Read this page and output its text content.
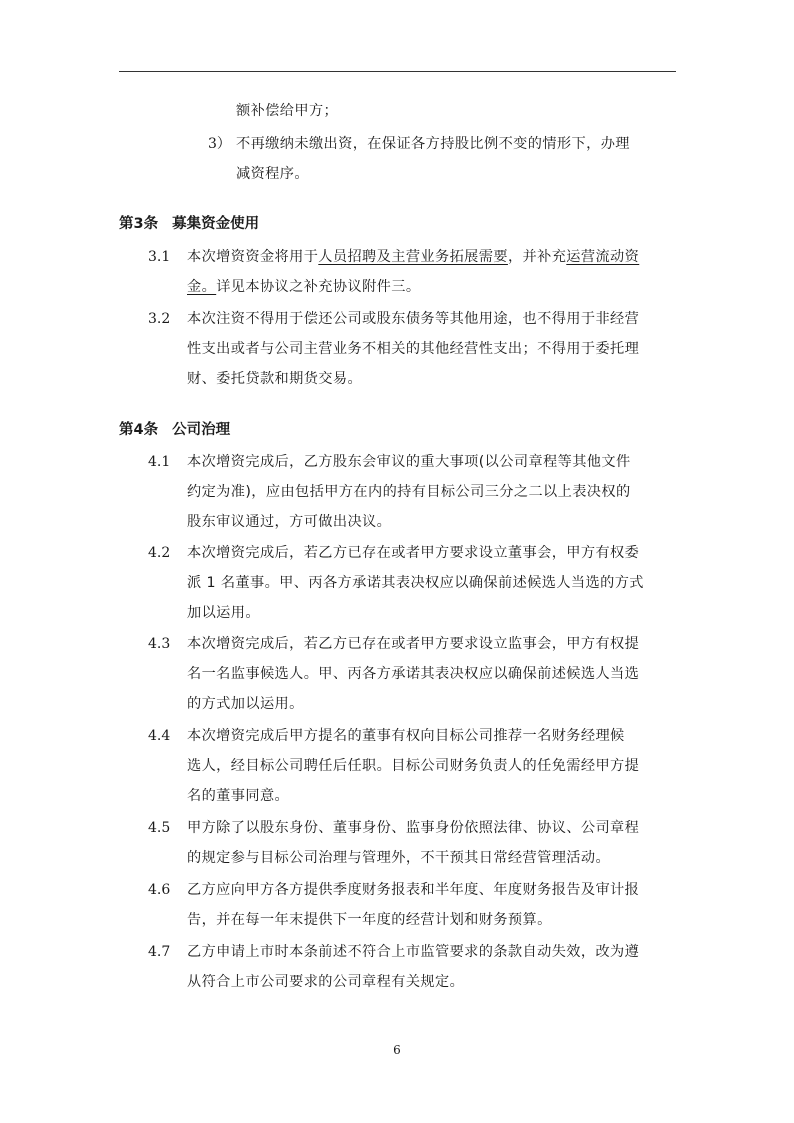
额补偿给甲方；
3） 不再缴纳未缴出资，在保证各方持股比例不变的情形下，办理
减资程序。
第3条 募集资金使用
3.1 本次增资资金将用于人员招聘及主营业务拓展需要，并补充运营流动资
金。详见本协议之补充协议附件三。
3.2 本次注资不得用于偿还公司或股东债务等其他用途，也不得用于非经营
性支出或者与公司主营业务不相关的其他经营性支出；不得用于委托理
财、委托贷款和期货交易。
第4条 公司治理
4.1 本次增资完成后，乙方股东会审议的重大事项(以公司章程等其他文件
约定为准)，应由包括甲方在内的持有目标公司三分之二以上表决权的
股东审议通过，方可做出决议。
4.2 本次增资完成后，若乙方已存在或者甲方要求设立董事会，甲方有权委
派 1 名董事。甲、丙各方承诺其表决权应以确保前述候选人当选的方式
加以运用。
4.3 本次增资完成后，若乙方已存在或者甲方要求设立监事会，甲方有权提
名一名监事候选人。甲、丙各方承诺其表决权应以确保前述候选人当选
的方式加以运用。
4.4 本次增资完成后甲方提名的董事有权向目标公司推荐一名财务经理候
选人，经目标公司聘任后任职。目标公司财务负责人的任免需经甲方提
名的董事同意。
4.5 甲方除了以股东身份、董事身份、监事身份依照法律、协议、公司章程
的规定参与目标公司治理与管理外，不干预其日常经营管理活动。
4.6 乙方应向甲方各方提供季度财务报表和半年度、年度财务报告及审计报
告，并在每一年末提供下一年度的经营计划和财务预算。
4.7 乙方申请上市时本条前述不符合上市监管要求的条款自动失效，改为遵
从符合上市公司要求的公司章程有关规定。
6
